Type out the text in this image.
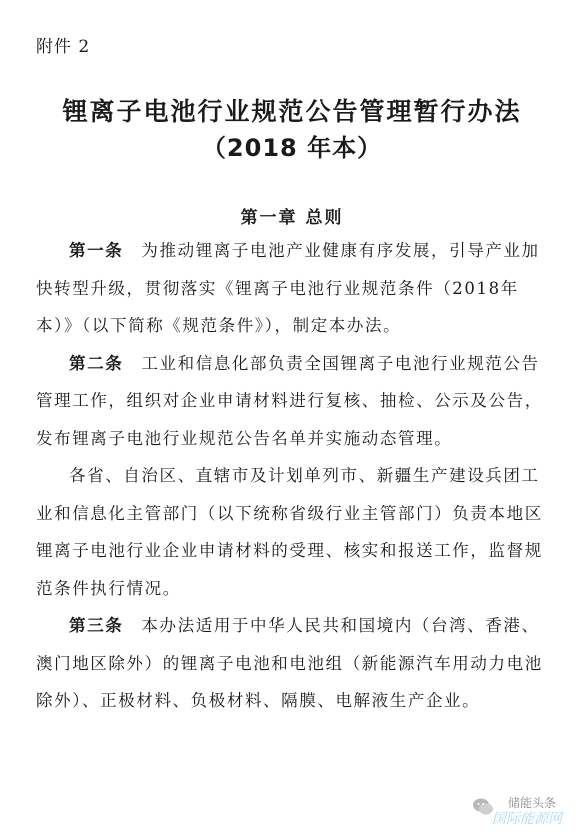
附件 2
锂离子电池行业规范公告管理暂行办法
（2018 年本）
第一章 总则

第一条　 为推动锂离子电池产业健康有序发展，引导产业加快转型升级，贯彻落实《锂离子电池行业规范条件（2018年本）》（以下简称《规范条件》），制定本办法。

第二条　 工业和信息化部负责全国锂离子电池行业规范公告管理工作，组织对企业申请材料进行复核、抽检、公示及公告，发布锂离子电池行业规范公告名单并实施动态管理。

各省、自治区、直辖市及计划单列市、新疆生产建设兵团工业和信息化主管部门（以下统称省级行业主管部门）负责本地区锂离子电池行业企业申请材料的受理、核实和报送工作，监督规范条件执行情况。

第三条　 本办法适用于中华人民共和国境内（台湾、香港、澳门地区除外）的锂离子电池和电池组（新能源汽车用动力电池除外）、正极材料、负极材料、隔膜、电解液生产企业。

储能头条
国际能源网
